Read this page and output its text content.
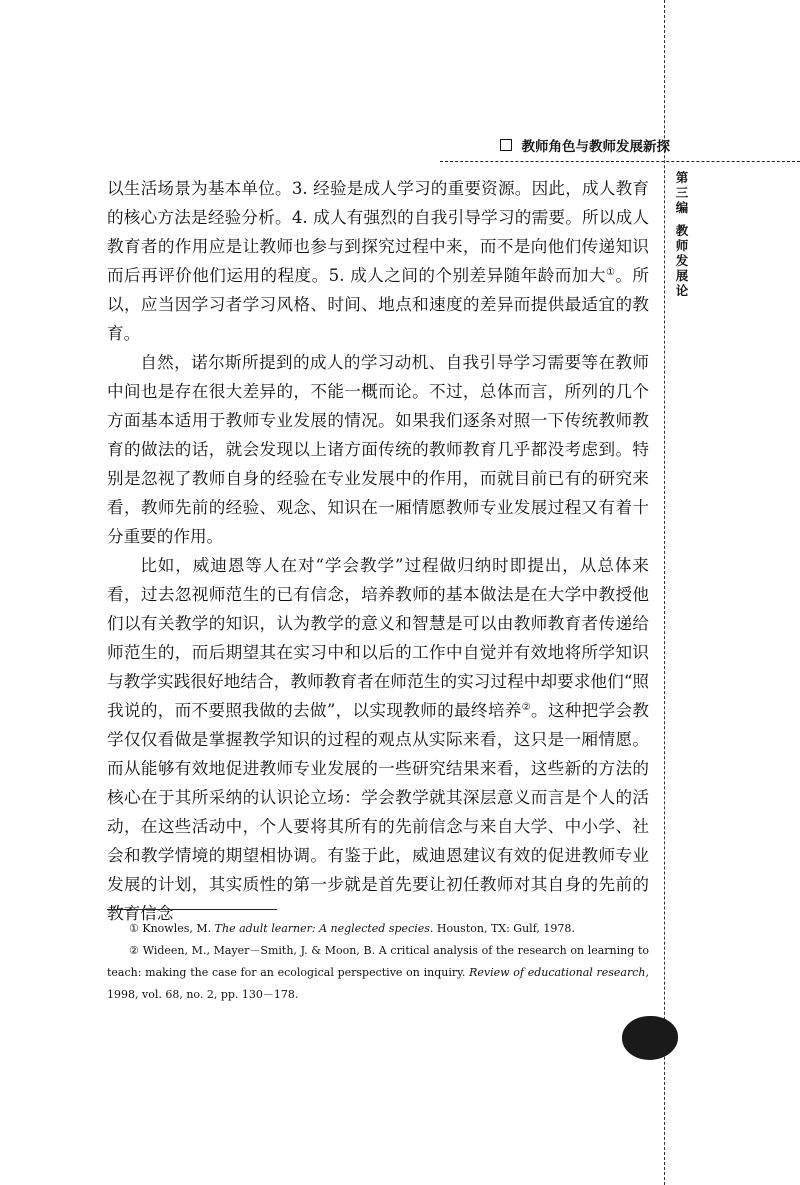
教师角色与教师发展新探
第三编
教师发展论

以生活场景为基本单位。3. 经验是成人学习的重要资源。因此，成人教育的核心方法是经验分析。4. 成人有强烈的自我引导学习的需要。所以成人教育者的作用应是让教师也参与到探究过程中来，而不是向他们传递知识而后再评价他们运用的程度。5. 成人之间的个别差异随年龄而加大①。所以，应当因学习者学习风格、时间、地点和速度的差异而提供最适宜的教育。

自然，诺尔斯所提到的成人的学习动机、自我引导学习需要等在教师中间也是存在很大差异的，不能一概而论。不过，总体而言，所列的几个方面基本适用于教师专业发展的情况。如果我们逐条对照一下传统教师教育的做法的话，就会发现以上诸方面传统的教师教育几乎都没考虑到。特别是忽视了教师自身的经验在专业发展中的作用，而就目前已有的研究来看，教师先前的经验、观念、知识在一厢情愿教师专业发展过程又有着十分重要的作用。

比如，威迪恩等人在对“学会教学”过程做归纳时即提出，从总体来看，过去忽视师范生的已有信念，培养教师的基本做法是在大学中教授他们以有关教学的知识，认为教学的意义和智慧是可以由教师教育者传递给师范生的，而后期望其在实习中和以后的工作中自觉并有效地将所学知识与教学实践很好地结合，教师教育者在师范生的实习过程中却要求他们“照我说的，而不要照我做的去做”，以实现教师的最终培养②。这种把学会教学仅仅看做是掌握教学知识的过程的观点从实际来看，这只是一厢情愿。而从能够有效地促进教师专业发展的一些研究结果来看，这些新的方法的核心在于其所采纳的认识论立场：学会教学就其深层意义而言是个人的活动，在这些活动中，个人要将其所有的先前信念与来自大学、中小学、社会和教学情境的期望相协调。有鉴于此，威迪恩建议有效的促进教师专业发展的计划，其实质性的第一步就是首先要让初任教师对其自身的先前的教育信念

① Knowles, M. The adult learner: A neglected species. Houston, TX: Gulf, 1978.

② Wideen, M., Mayer－Smith, J. & Moon, B. A critical analysis of the research on learning to teach: making the case for an ecological perspective on inquiry. Review of educational research, 1998, vol. 68, no. 2, pp. 130－178.
